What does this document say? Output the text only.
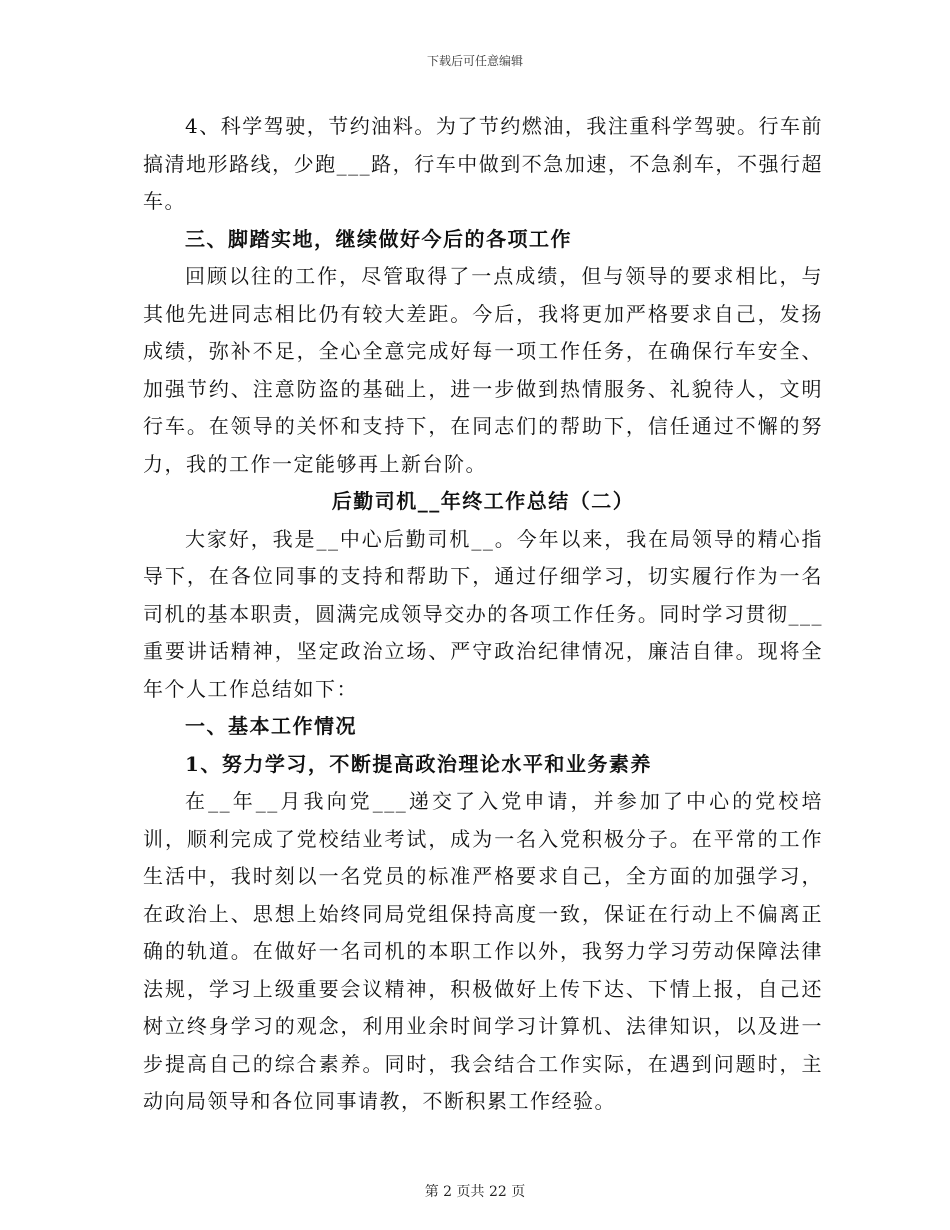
下载后可任意编辑

4、科学驾驶，节约油料。为了节约燃油，我注重科学驾驶。行车前搞清地形路线，少跑___路，行车中做到不急加速，不急刹车，不强行超车。

三、脚踏实地，继续做好今后的各项工作

回顾以往的工作，尽管取得了一点成绩，但与领导的要求相比，与其他先进同志相比仍有较大差距。今后，我将更加严格要求自己，发扬成绩，弥补不足，全心全意完成好每一项工作任务，在确保行车安全、加强节约、注意防盗的基础上，进一步做到热情服务、礼貌待人，文明行车。在领导的关怀和支持下，在同志们的帮助下，信任通过不懈的努力，我的工作一定能够再上新台阶。

后勤司机__年终工作总结（二）

大家好，我是__中心后勤司机__。今年以来，我在局领导的精心指导下，在各位同事的支持和帮助下，通过仔细学习，切实履行作为一名司机的基本职责，圆满完成领导交办的各项工作任务。同时学习贯彻___重要讲话精神，坚定政治立场、严守政治纪律情况，廉洁自律。现将全年个人工作总结如下：

一、基本工作情况

1、努力学习，不断提高政治理论水平和业务素养

在__年__月我向党___递交了入党申请，并参加了中心的党校培训，顺利完成了党校结业考试，成为一名入党积极分子。在平常的工作生活中，我时刻以一名党员的标准严格要求自己，全方面的加强学习，在政治上、思想上始终同局党组保持高度一致，保证在行动上不偏离正确的轨道。在做好一名司机的本职工作以外，我努力学习劳动保障法律法规，学习上级重要会议精神，积极做好上传下达、下情上报，自己还树立终身学习的观念，利用业余时间学习计算机、法律知识，以及进一步提高自己的综合素养。同时，我会结合工作实际，在遇到问题时，主动向局领导和各位同事请教，不断积累工作经验。

第 2 页共 22 页
